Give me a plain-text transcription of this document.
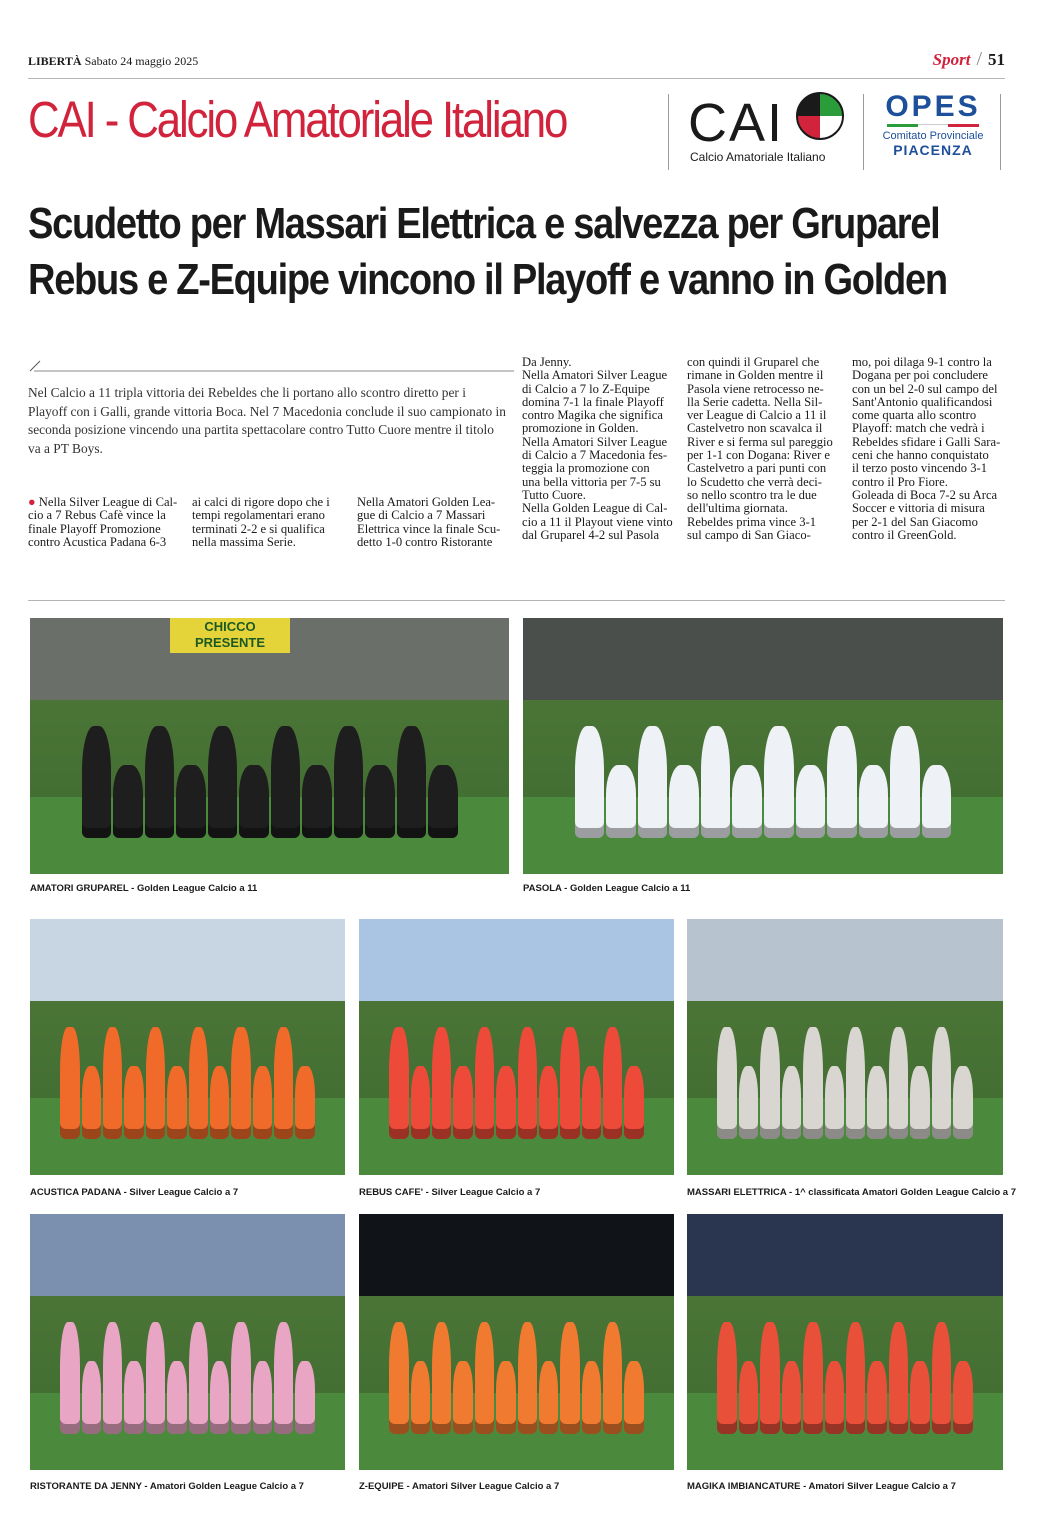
LIBERTÀ Sabato 24 maggio 2025	Sport / 51
CAI - Calcio Amatoriale Italiano CAI
Calcio Amatoriale Italiano
OPES
Comitato Provinciale
PIACENZA
Scudetto per Massari Elettrica e salvezza per Gruparel
Rebus e Z-Equipe vincono il Playoff e vanno in Golden
Nel Calcio a 11 tripla vittoria dei Rebeldes che li portano allo scontro diretto per i Playoff con i Galli, grande vittoria Boca. Nel 7 Macedonia conclude il suo campionato in seconda posizione vincendo una partita spettacolare contro Tutto Cuore mentre il titolo va a PT Boys.
● Nella Silver League di Cal-
cio a 7 Rebus Cafè vince la
finale Playoff Promozione
contro Acustica Padana 6-3
ai calci di rigore dopo che i
tempi regolamentari erano
terminati 2-2 e si qualifica
nella massima Serie.
Nella Amatori Golden Lea-
gue di Calcio a 7 Massari
Elettrica vince la finale Scu-
detto 1-0 contro Ristorante
Da Jenny.
Nella Amatori Silver League
di Calcio a 7 lo Z-Equipe
domina 7-1 la finale Playoff
contro Magika che significa
promozione in Golden.
Nella Amatori Silver League
di Calcio a 7 Macedonia fes-
teggia la promozione con
una bella vittoria per 7-5 su
Tutto Cuore.
Nella Golden League di Cal-
cio a 11 il Playout viene vinto
dal Gruparel 4-2 sul Pasola
con quindi il Gruparel che
rimane in Golden mentre il
Pasola viene retrocesso ne-
lla Serie cadetta. Nella Sil-
ver League di Calcio a 11 il
Castelvetro non scavalca il
River e si ferma sul pareggio
per 1-1 con Dogana: River e
Castelvetro a pari punti con
lo Scudetto che verrà deci-
so nello scontro tra le due
dell'ultima giornata.
Rebeldes prima vince 3-1
sul campo di San Giaco-
mo, poi dilaga 9-1 contro la
Dogana per poi concludere
con un bel 2-0 sul campo del
Sant'Antonio qualificandosi
come quarta allo scontro
Playoff: match che vedrà i
Rebeldes sfidare i Galli Sara-
ceni che hanno conquistato
il terzo posto vincendo 3-1
contro il Pro Fiore.
Goleada di Boca 7-2 su Arca
Soccer e vittoria di misura
per 2-1 del San Giacomo
contro il GreenGold.
CHICCO PRESENTE
AMATORI GRUPAREL - Golden League Calcio a 11	PASOLA - Golden League Calcio a 11
ACUSTICA PADANA - Silver League Calcio a 7	REBUS CAFE' - Silver League Calcio a 7	MASSARI ELETTRICA - 1^ classificata Amatori Golden League Calcio a 7
RISTORANTE DA JENNY - Amatori Golden League Calcio a 7	Z-EQUIPE - Amatori Silver League Calcio a 7	MAGIKA IMBIANCATURE - Amatori Silver League Calcio a 7
